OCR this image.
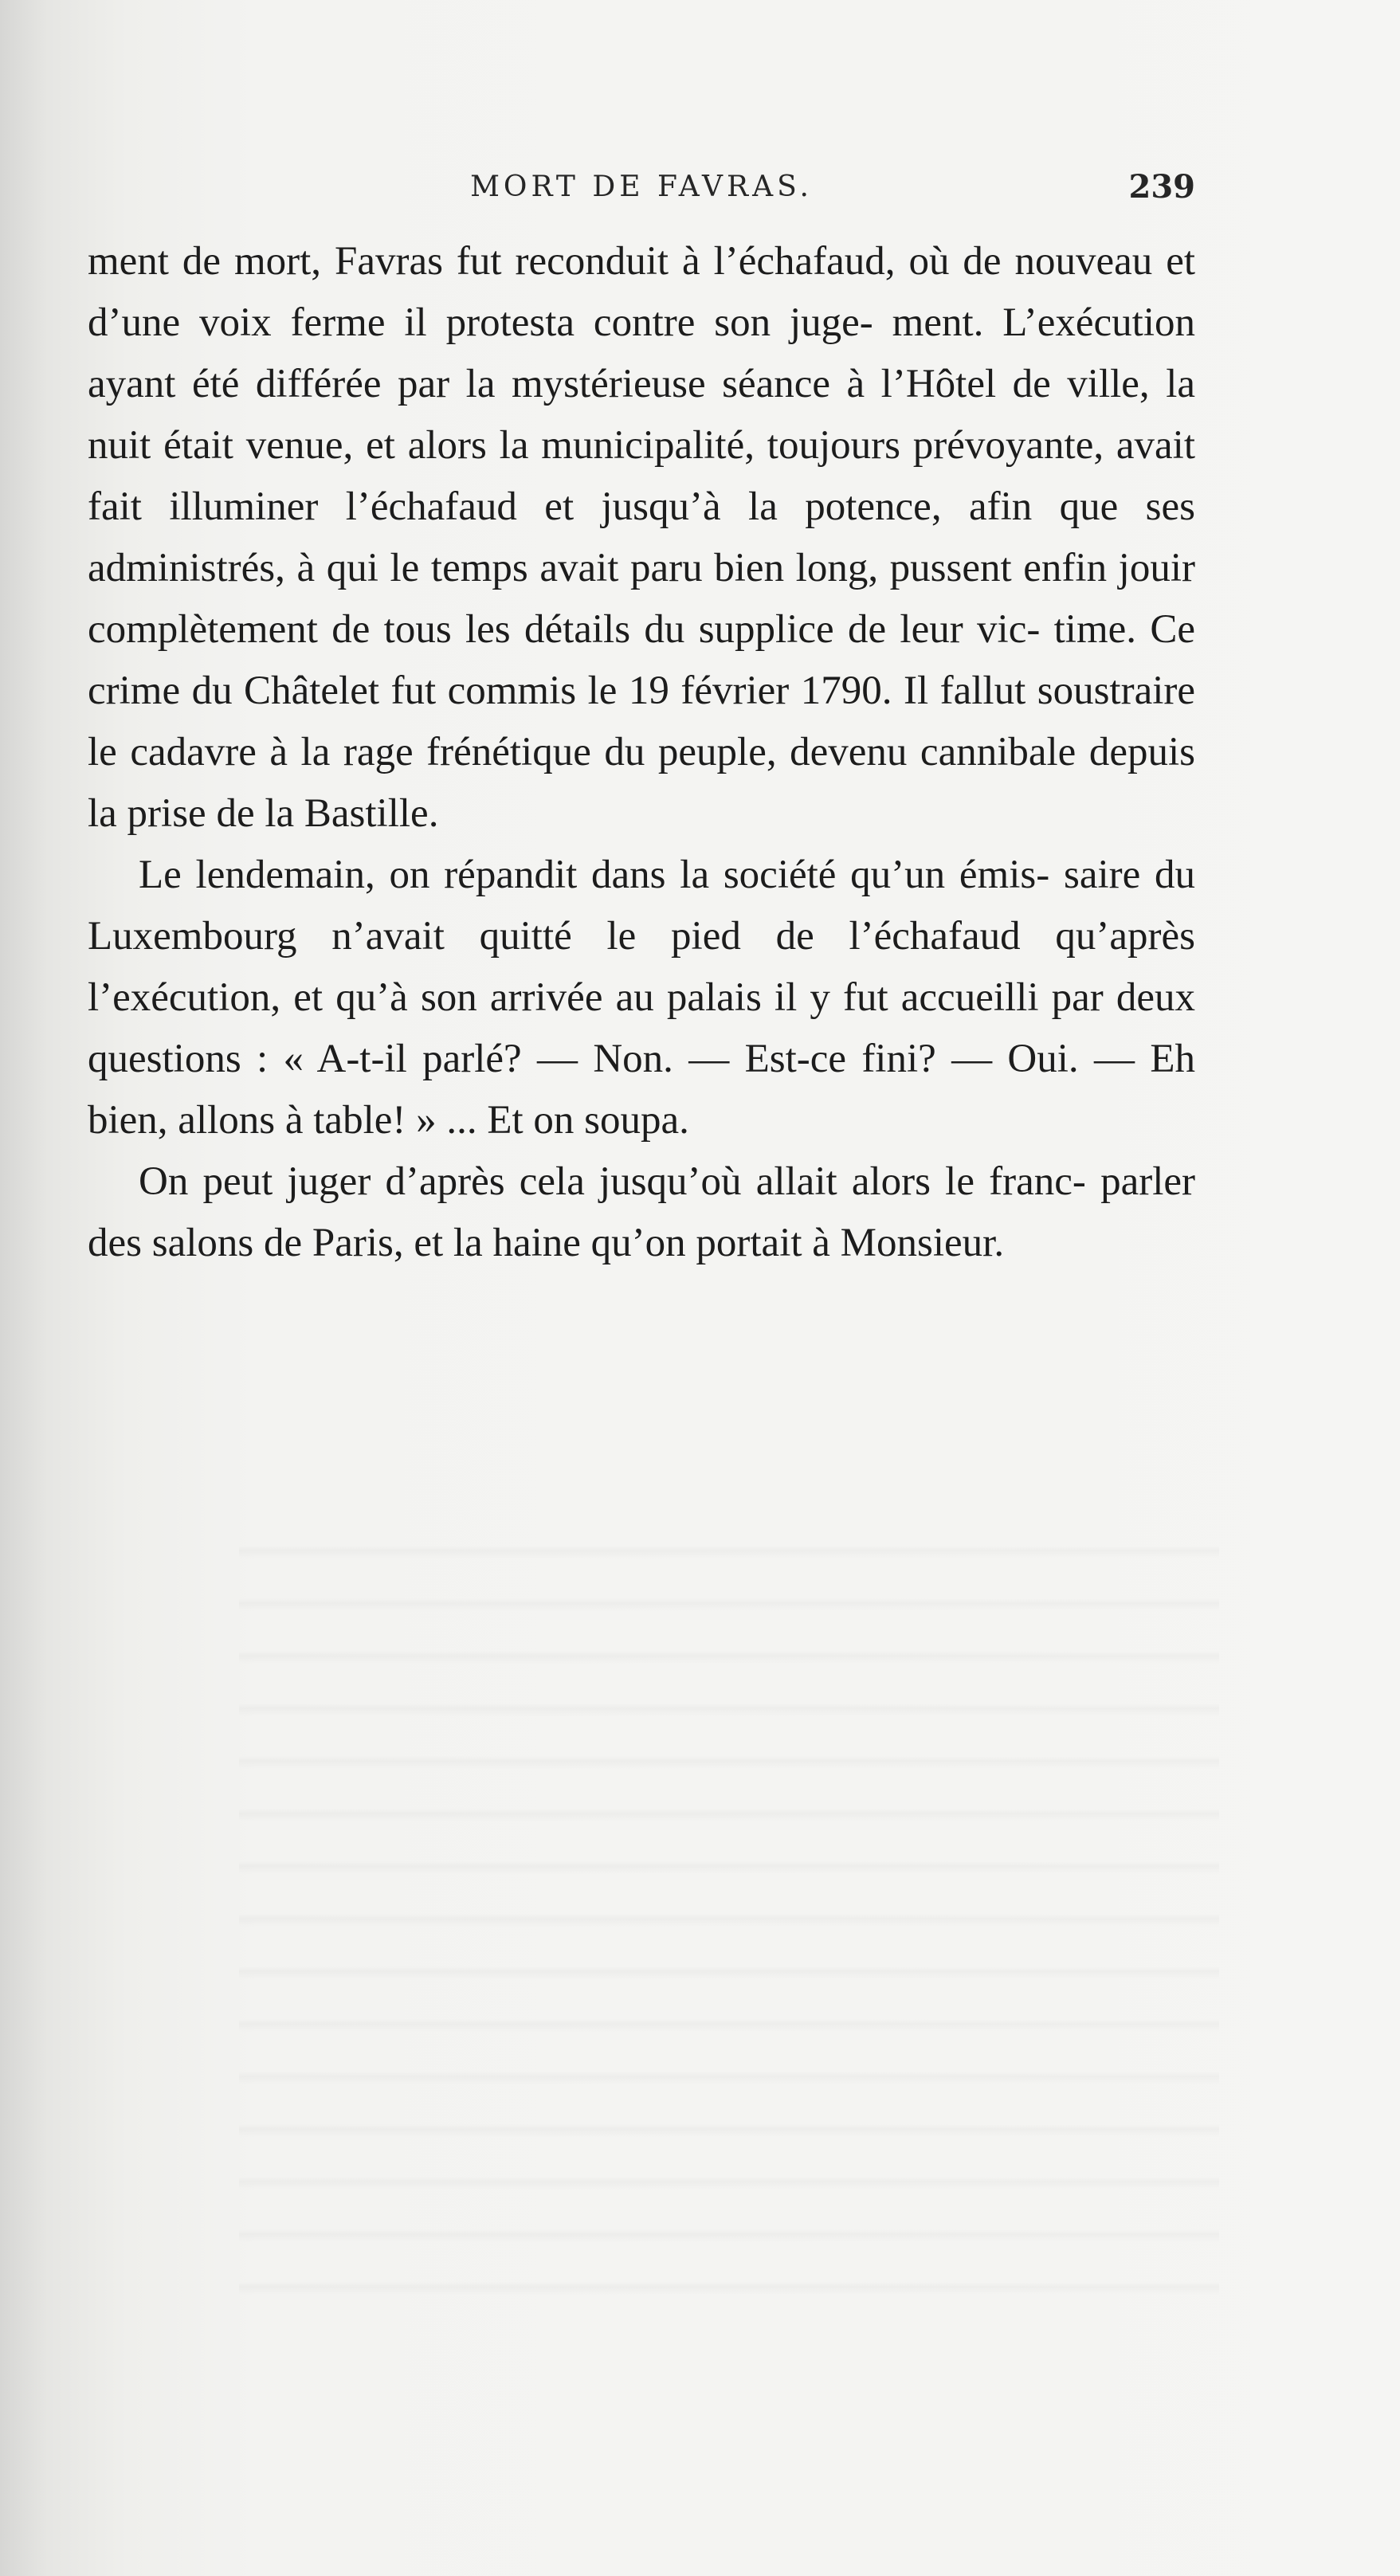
MORT DE FAVRAS.	239

ment de mort, Favras fut reconduit à l’échafaud, où de nouveau et d’une voix ferme il protesta contre son juge- ment. L’exécution ayant été différée par la mystérieuse séance à l’Hôtel de ville, la nuit était venue, et alors la municipalité, toujours prévoyante, avait fait illuminer l’échafaud et jusqu’à la potence, afin que ses administrés, à qui le temps avait paru bien long, pussent enfin jouir complètement de tous les détails du supplice de leur vic- time. Ce crime du Châtelet fut commis le 19 février 1790. Il fallut soustraire le cadavre à la rage frénétique du peuple, devenu cannibale depuis la prise de la Bastille.

Le lendemain, on répandit dans la société qu’un émis- saire du Luxembourg n’avait quitté le pied de l’échafaud qu’après l’exécution, et qu’à son arrivée au palais il y fut accueilli par deux questions : « A-t-il parlé? — Non. — Est-ce fini? — Oui. — Eh bien, allons à table! » ... Et on soupa.

On peut juger d’après cela jusqu’où allait alors le franc- parler des salons de Paris, et la haine qu’on portait à Monsieur.
